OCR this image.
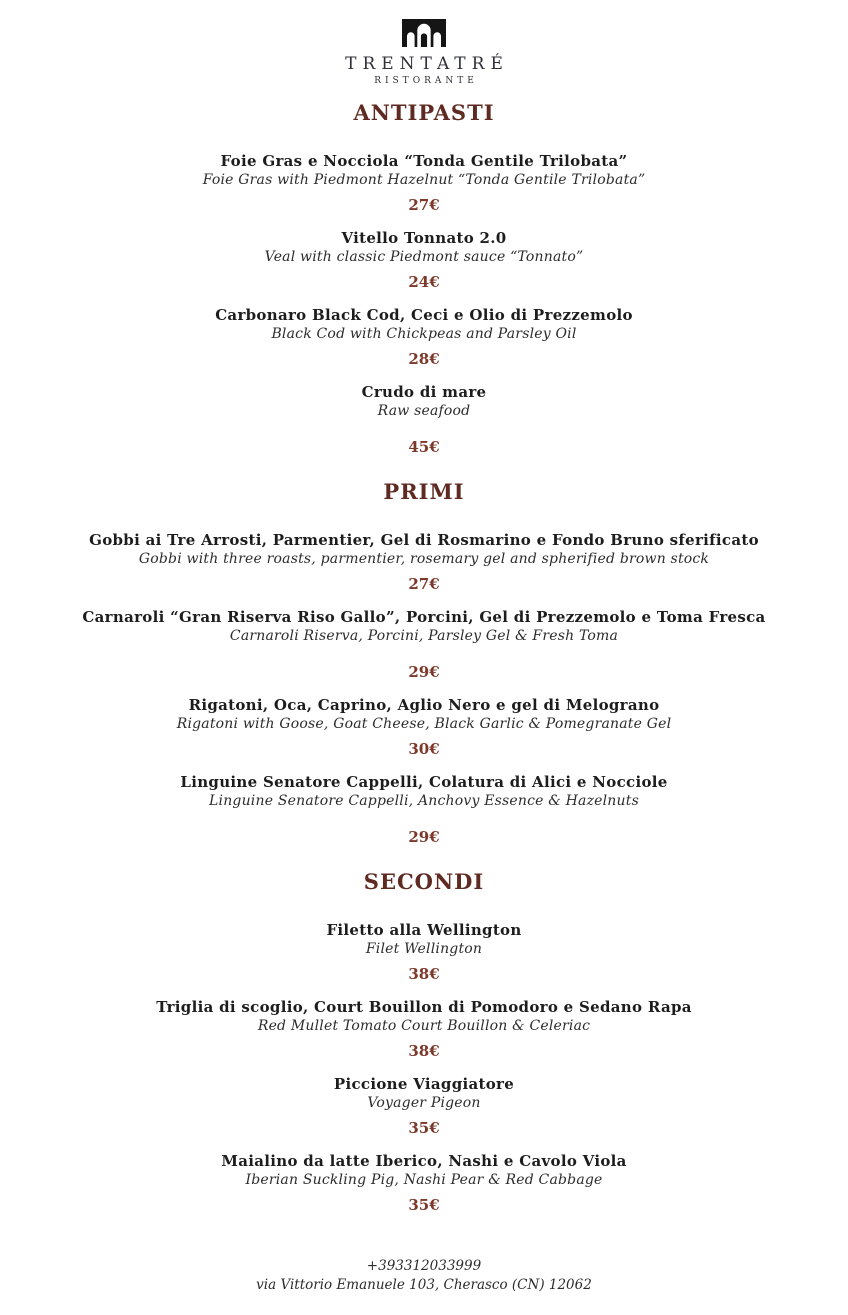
TRENTATRÉ
RISTORANTE
ANTIPASTI
Foie Gras e Nocciola “Tonda Gentile Trilobata”
Foie Gras with Piedmont Hazelnut “Tonda Gentile Trilobata”
27€
Vitello Tonnato 2.0
Veal with classic Piedmont sauce “Tonnato”
24€
Carbonaro Black Cod, Ceci e Olio di Prezzemolo
Black Cod with Chickpeas and Parsley Oil
28€
Crudo di mare
Raw seafood
45€
PRIMI
Gobbi ai Tre Arrosti, Parmentier, Gel di Rosmarino e Fondo Bruno sferificato
Gobbi with three roasts, parmentier, rosemary gel and spherified brown stock
27€
Carnaroli “Gran Riserva Riso Gallo”, Porcini, Gel di Prezzemolo e Toma Fresca
Carnaroli Riserva, Porcini, Parsley Gel & Fresh Toma
29€
Rigatoni, Oca, Caprino, Aglio Nero e gel di Melograno
Rigatoni with Goose, Goat Cheese, Black Garlic & Pomegranate Gel
30€
Linguine Senatore Cappelli, Colatura di Alici e Nocciole
Linguine Senatore Cappelli, Anchovy Essence & Hazelnuts
29€
SECONDI
Filetto alla Wellington
Filet Wellington
38€
Triglia di scoglio, Court Bouillon di Pomodoro e Sedano Rapa
Red Mullet Tomato Court Bouillon & Celeriac
38€
Piccione Viaggiatore
Voyager Pigeon
35€
Maialino da latte Iberico, Nashi e Cavolo Viola
Iberian Suckling Pig, Nashi Pear & Red Cabbage
35€
+393312033999
via Vittorio Emanuele 103, Cherasco (CN) 12062
